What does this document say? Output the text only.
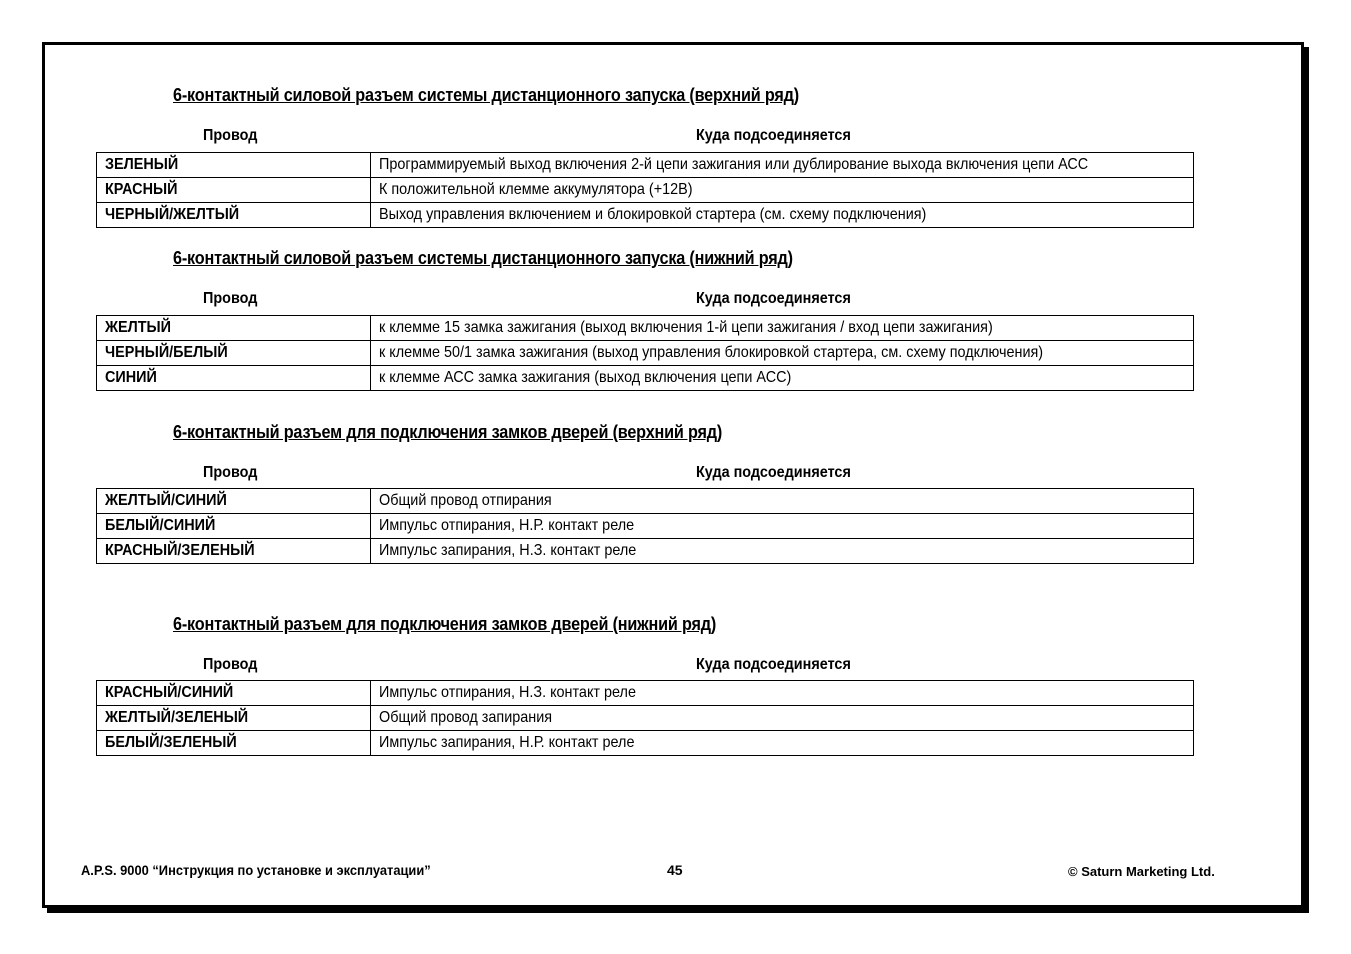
6-контактный силовой разъем системы дистанционного запуска (верхний ряд)
Провод	Куда подсоединяется
ЗЕЛЕНЫЙ	Программируемый выход включения 2-й цепи зажигания или дублирование выхода включения цепи АСС
КРАСНЫЙ	К положительной клемме аккумулятора (+12В)
ЧЕРНЫЙ/ЖЕЛТЫЙ	Выход управления включением и блокировкой стартера (см. схему подключения)
6-контактный силовой разъем системы дистанционного запуска (нижний ряд)
Провод	Куда подсоединяется
ЖЕЛТЫЙ	к клемме 15 замка зажигания (выход включения 1-й цепи зажигания / вход цепи зажигания)
ЧЕРНЫЙ/БЕЛЫЙ	к клемме 50/1 замка зажигания (выход управления блокировкой стартера, см. схему подключения)
СИНИЙ	к клемме АСС замка зажигания (выход включения цепи АСС)
6-контактный разъем для подключения замков дверей (верхний ряд)
Провод	Куда подсоединяется
ЖЕЛТЫЙ/СИНИЙ	Общий провод отпирания
БЕЛЫЙ/СИНИЙ	Импульс отпирания, Н.Р. контакт реле
КРАСНЫЙ/ЗЕЛЕНЫЙ	Импульс запирания, Н.З. контакт реле
6-контактный разъем для подключения замков дверей (нижний ряд)
Провод	Куда подсоединяется
КРАСНЫЙ/СИНИЙ	Импульс отпирания, Н.З. контакт реле
ЖЕЛТЫЙ/ЗЕЛЕНЫЙ	Общий провод запирания
БЕЛЫЙ/ЗЕЛЕНЫЙ	Импульс запирания, Н.Р. контакт реле
A.P.S. 9000 “Инструкция по установке и эксплуатации”	45	© Saturn Marketing Ltd.
